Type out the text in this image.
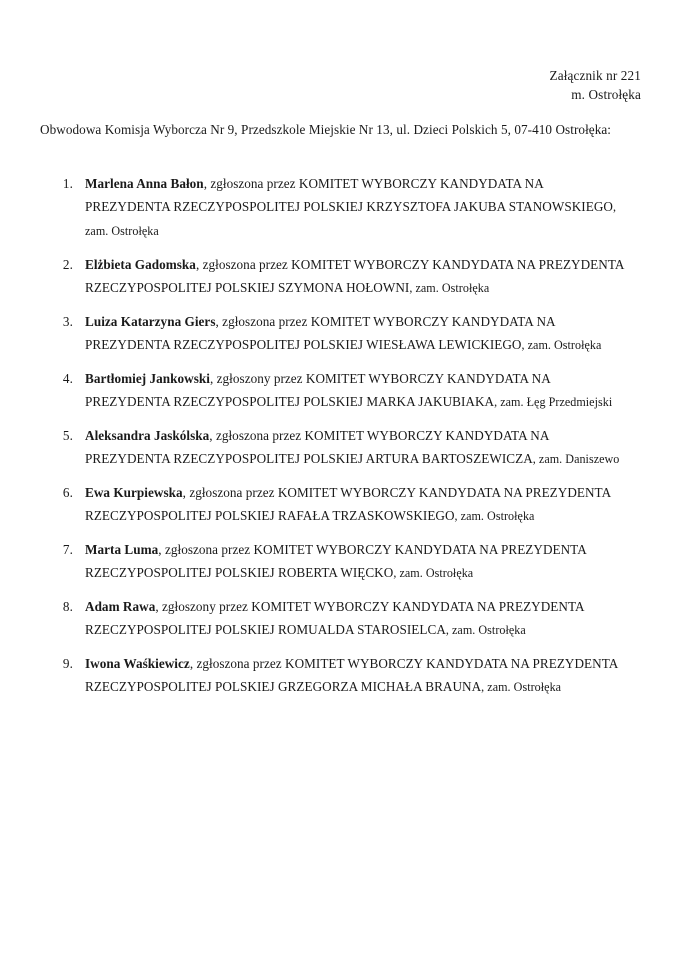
Załącznik nr 221
m. Ostrołęka
Obwodowa Komisja Wyborcza Nr 9, Przedszkole Miejskie Nr 13, ul. Dzieci Polskich 5, 07-410 Ostrołęka:
1. Marlena Anna Bałon, zgłoszona przez KOMITET WYBORCZY KANDYDATA NA PREZYDENTA RZECZYPOSPOLITEJ POLSKIEJ KRZYSZTOFA JAKUBA STANOWSKIEGO, zam. Ostrołęka
2. Elżbieta Gadomska, zgłoszona przez KOMITET WYBORCZY KANDYDATA NA PREZYDENTA RZECZYPOSPOLITEJ POLSKIEJ SZYMONA HOŁOWNI, zam. Ostrołęka
3. Luiza Katarzyna Giers, zgłoszona przez KOMITET WYBORCZY KANDYDATA NA PREZYDENTA RZECZYPOSPOLITEJ POLSKIEJ WIESŁAWA LEWICKIEGO, zam. Ostrołęka
4. Bartłomiej Jankowski, zgłoszony przez KOMITET WYBORCZY KANDYDATA NA PREZYDENTA RZECZYPOSPOLITEJ POLSKIEJ MARKA JAKUBIAKA, zam. Łęg Przedmiejski
5. Aleksandra Jaskólska, zgłoszona przez KOMITET WYBORCZY KANDYDATA NA PREZYDENTA RZECZYPOSPOLITEJ POLSKIEJ ARTURA BARTOSZEWICZA, zam. Daniszewo
6. Ewa Kurpiewska, zgłoszona przez KOMITET WYBORCZY KANDYDATA NA PREZYDENTA RZECZYPOSPOLITEJ POLSKIEJ RAFAŁA TRZASKOWSKIEGO, zam. Ostrołęka
7. Marta Luma, zgłoszona przez KOMITET WYBORCZY KANDYDATA NA PREZYDENTA RZECZYPOSPOLITEJ POLSKIEJ ROBERTA WIĘCKO, zam. Ostrołęka
8. Adam Rawa, zgłoszony przez KOMITET WYBORCZY KANDYDATA NA PREZYDENTA RZECZYPOSPOLITEJ POLSKIEJ ROMUALDA STAROSIELCA, zam. Ostrołęka
9. Iwona Waśkiewicz, zgłoszona przez KOMITET WYBORCZY KANDYDATA NA PREZYDENTA RZECZYPOSPOLITEJ POLSKIEJ GRZEGORZA MICHAŁA BRAUNA, zam. Ostrołęka
